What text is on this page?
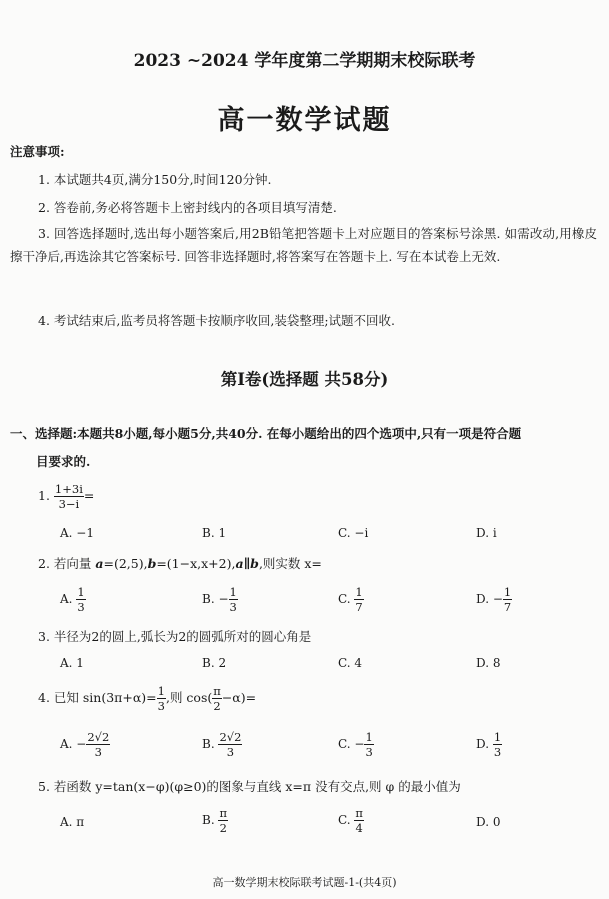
2023 ~2024 学年度第二学期期末校际联考
高一数学试题
注意事项:
1. 本试题共4页,满分150分,时间120分钟.
2. 答卷前,务必将答题卡上密封线内的各项目填写清楚.
3. 回答选择题时,选出每小题答案后,用2B铅笔把答题卡上对应题目的答案标号涂黑. 如需改动,用橡皮擦干净后,再选涂其它答案标号. 回答非选择题时,将答案写在答题卡上. 写在本试卷上无效.
4. 考试结束后,监考员将答题卡按顺序收回,装袋整理;试题不回收.
第Ⅰ卷(选择题 共58分)
一、选择题:本题共8小题,每小题5分,共40分. 在每小题给出的四个选项中,只有一项是符合题
目要求的.
1. $\frac{1+3i}{3-i}$ =
A. −1	B. 1	C. −i	D. i
2. 若向量 a=(2,5),b=(1−x,x+2),a∥b,则实数 x=
A. $\frac{1}{3}$	B. − $\frac{1}{3}$	C. $\frac{1}{7}$	D. − $\frac{1}{7}$
3. 半径为2的圆上,弧长为2的圆弧所对的圆心角是
A. 1	B. 2	C. 4	D. 8
4. 已知 $\sin(3\pi+\alpha)= \frac{1}{3}$ ,则 $\cos( \frac{\pi}{2} -\alpha)=$
A. − $\frac{2√2}{3}$	B. $\frac{2√2}{3}$	C. − $\frac{1}{3}$	D. $\frac{1}{3}$
5. 若函数 y=tan(x−φ)(φ≥0)的图象与直线 x=π 没有交点,则 φ 的最小值为
A. π	B. $\frac{\pi}{2}$	C. $\frac{\pi}{4}$	D. 0
高一数学期末校际联考试题-1-(共4页)
